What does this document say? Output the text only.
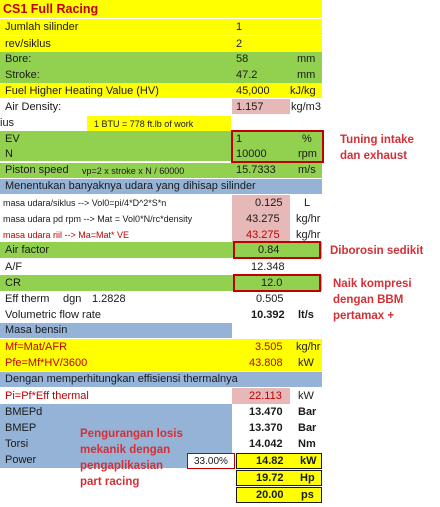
CS1 Full Racing
Jumlah silinder	1
rev/siklus	2
Bore:	58	mm
Stroke:	47.2	mm
Fuel Higher Heating Value (HV)	45,000 kJ/kg
Air Density:	1.157 kg/m3
ius	1 BTU = 778 ft.lb of work
EV	1	%
N	10000	rpm
Piston speed vp=2 x stroke x N / 60000	15.7333 m/s
Menentukan banyaknya udara yang dihisap silinder
masa udara/siklus --> Vol0=pi/4*D^2*S*n	0.125 L
masa udara pd rpm --> Mat = Vol0*N/rc*density	43.275 kg/hr
masa udara riil --> Ma=Mat* VE	43.275 kg/hr
Air factor	0.84
A/F	12.348
CR	12.0
Eff therm dgn 1.2828	0.505
Volumetric flow rate	10.392 lt/s
Masa bensin
Mf=Mat/AFR	3.505 kg/hr
Pfe=Mf*HV/3600	43.808 kW
Dengan memperhitungkan effisiensi thermalnya
Pi=Pf*Eff thermal	22.113 kW
BMEPd	13.470 Bar
BMEP	13.370 Bar
Torsi	14.042 Nm
Power	33.00%	14.82 kW
19.72 Hp
20.00 ps
Tuning intake
dan exhaust
Diborosin sedikit
Naik kompresi
dengan BBM
pertamax +
Pengurangan losis
mekanik dengan
pengaplikasian
part racing
